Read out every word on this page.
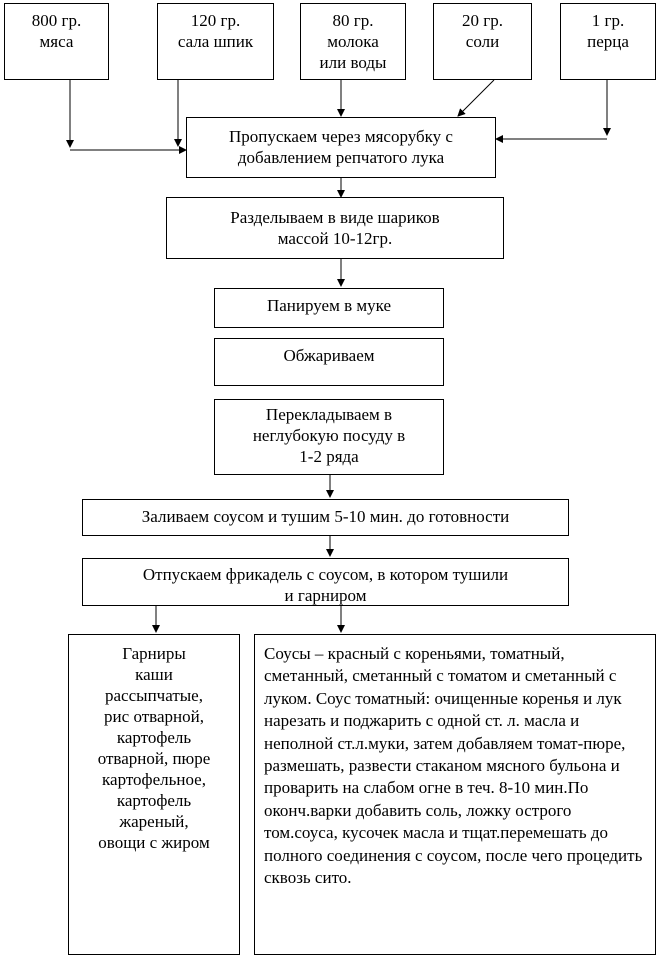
800 гр.
мяса
120 гр.
сала шпик
80 гр.
молока
или воды
20 гр.
соли
1 гр.
перца
Пропускаем через мясорубку с
добавлением репчатого лука
Разделываем в виде шариков
массой 10-12гр.
Панируем в муке
Обжариваем
Перекладываем в
неглубокую посуду в
1-2 ряда
Заливаем соусом и тушим 5-10 мин. до готовности
Отпускаем фрикадель с соусом, в котором тушили
и гарниром
Гарниры
каши
рассыпчатые,
рис отварной,
картофель
отварной, пюре
картофельное,
картофель
жареный,
овощи с жиром
Соусы – красный с кореньями, томатный, сметанный, сметанный с томатом и сметанный с луком. Соус томатный: очищенные коренья и лук нарезать и поджарить с одной ст. л. масла и неполной ст.л.муки, затем добавляем томат-пюре, размешать, развести стаканом мясного бульона и проварить на слабом огне в теч. 8-10 мин.По оконч.варки добавить соль, ложку острого том.соуса, кусочек масла и тщат.перемешать до полного соединения с соусом, после чего процедить сквозь сито.
